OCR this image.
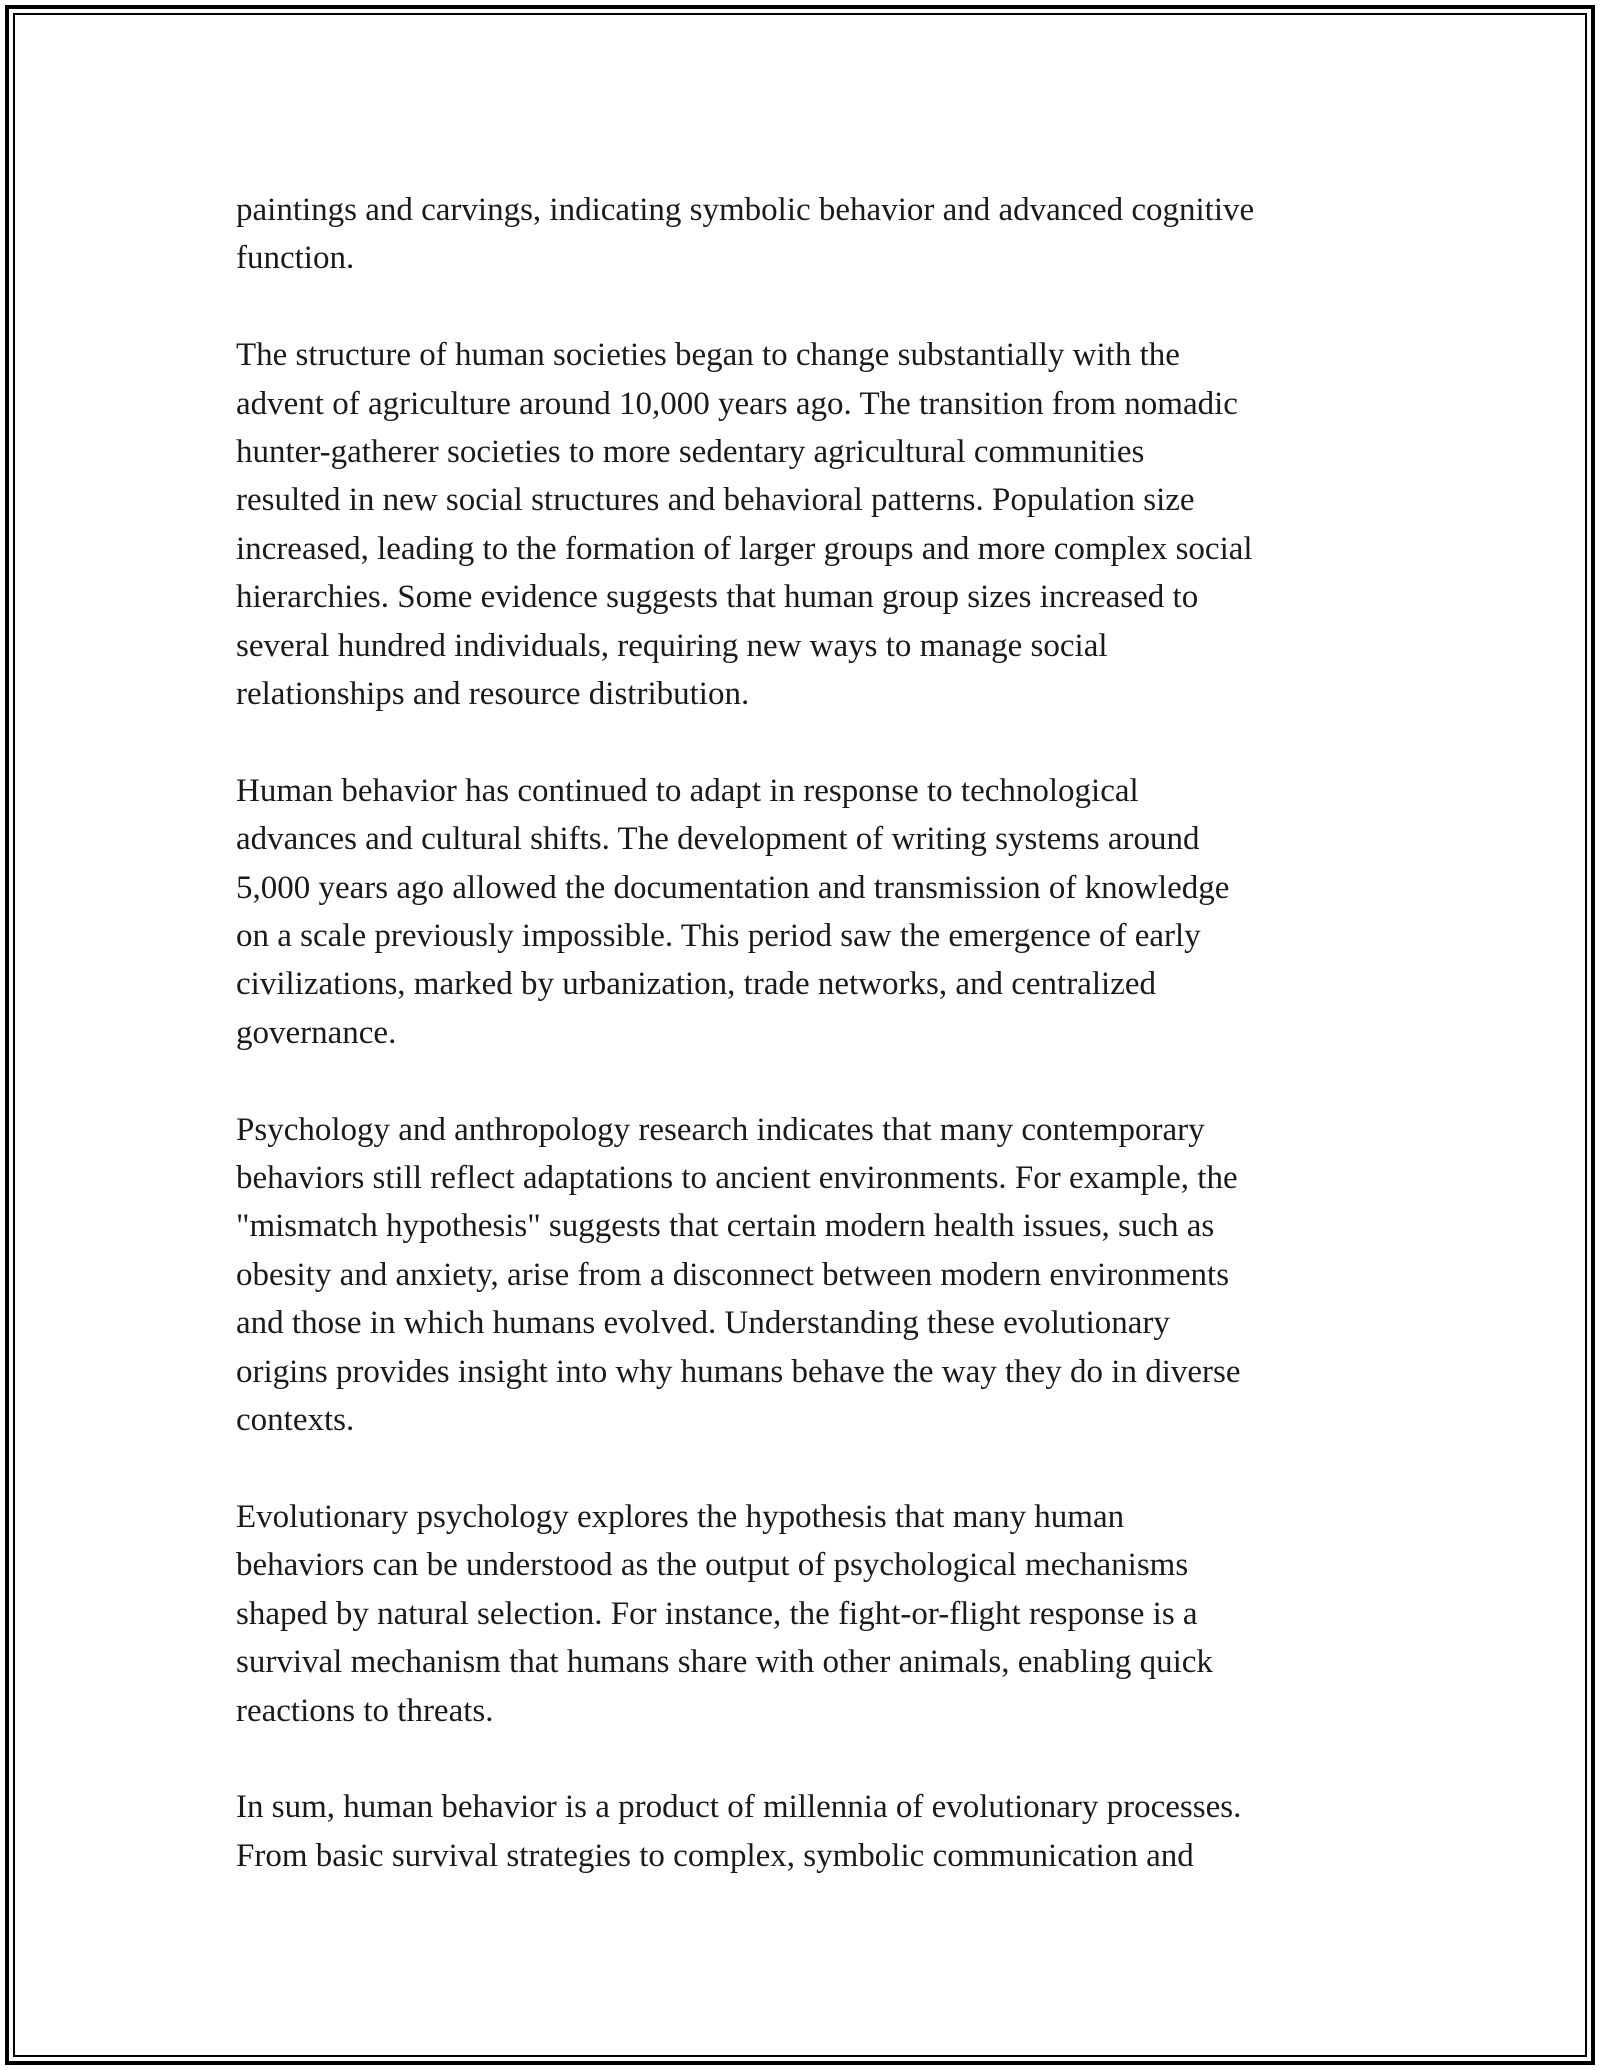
paintings and carvings, indicating symbolic behavior and advanced cognitive
function.
The structure of human societies began to change substantially with the
advent of agriculture around 10,000 years ago. The transition from nomadic
hunter-gatherer societies to more sedentary agricultural communities
resulted in new social structures and behavioral patterns. Population size
increased, leading to the formation of larger groups and more complex social
hierarchies. Some evidence suggests that human group sizes increased to
several hundred individuals, requiring new ways to manage social
relationships and resource distribution.
Human behavior has continued to adapt in response to technological
advances and cultural shifts. The development of writing systems around
5,000 years ago allowed the documentation and transmission of knowledge
on a scale previously impossible. This period saw the emergence of early
civilizations, marked by urbanization, trade networks, and centralized
governance.
Psychology and anthropology research indicates that many contemporary
behaviors still reflect adaptations to ancient environments. For example, the
"mismatch hypothesis" suggests that certain modern health issues, such as
obesity and anxiety, arise from a disconnect between modern environments
and those in which humans evolved. Understanding these evolutionary
origins provides insight into why humans behave the way they do in diverse
contexts.
Evolutionary psychology explores the hypothesis that many human
behaviors can be understood as the output of psychological mechanisms
shaped by natural selection. For instance, the fight-or-flight response is a
survival mechanism that humans share with other animals, enabling quick
reactions to threats.
In sum, human behavior is a product of millennia of evolutionary processes.
From basic survival strategies to complex, symbolic communication and
